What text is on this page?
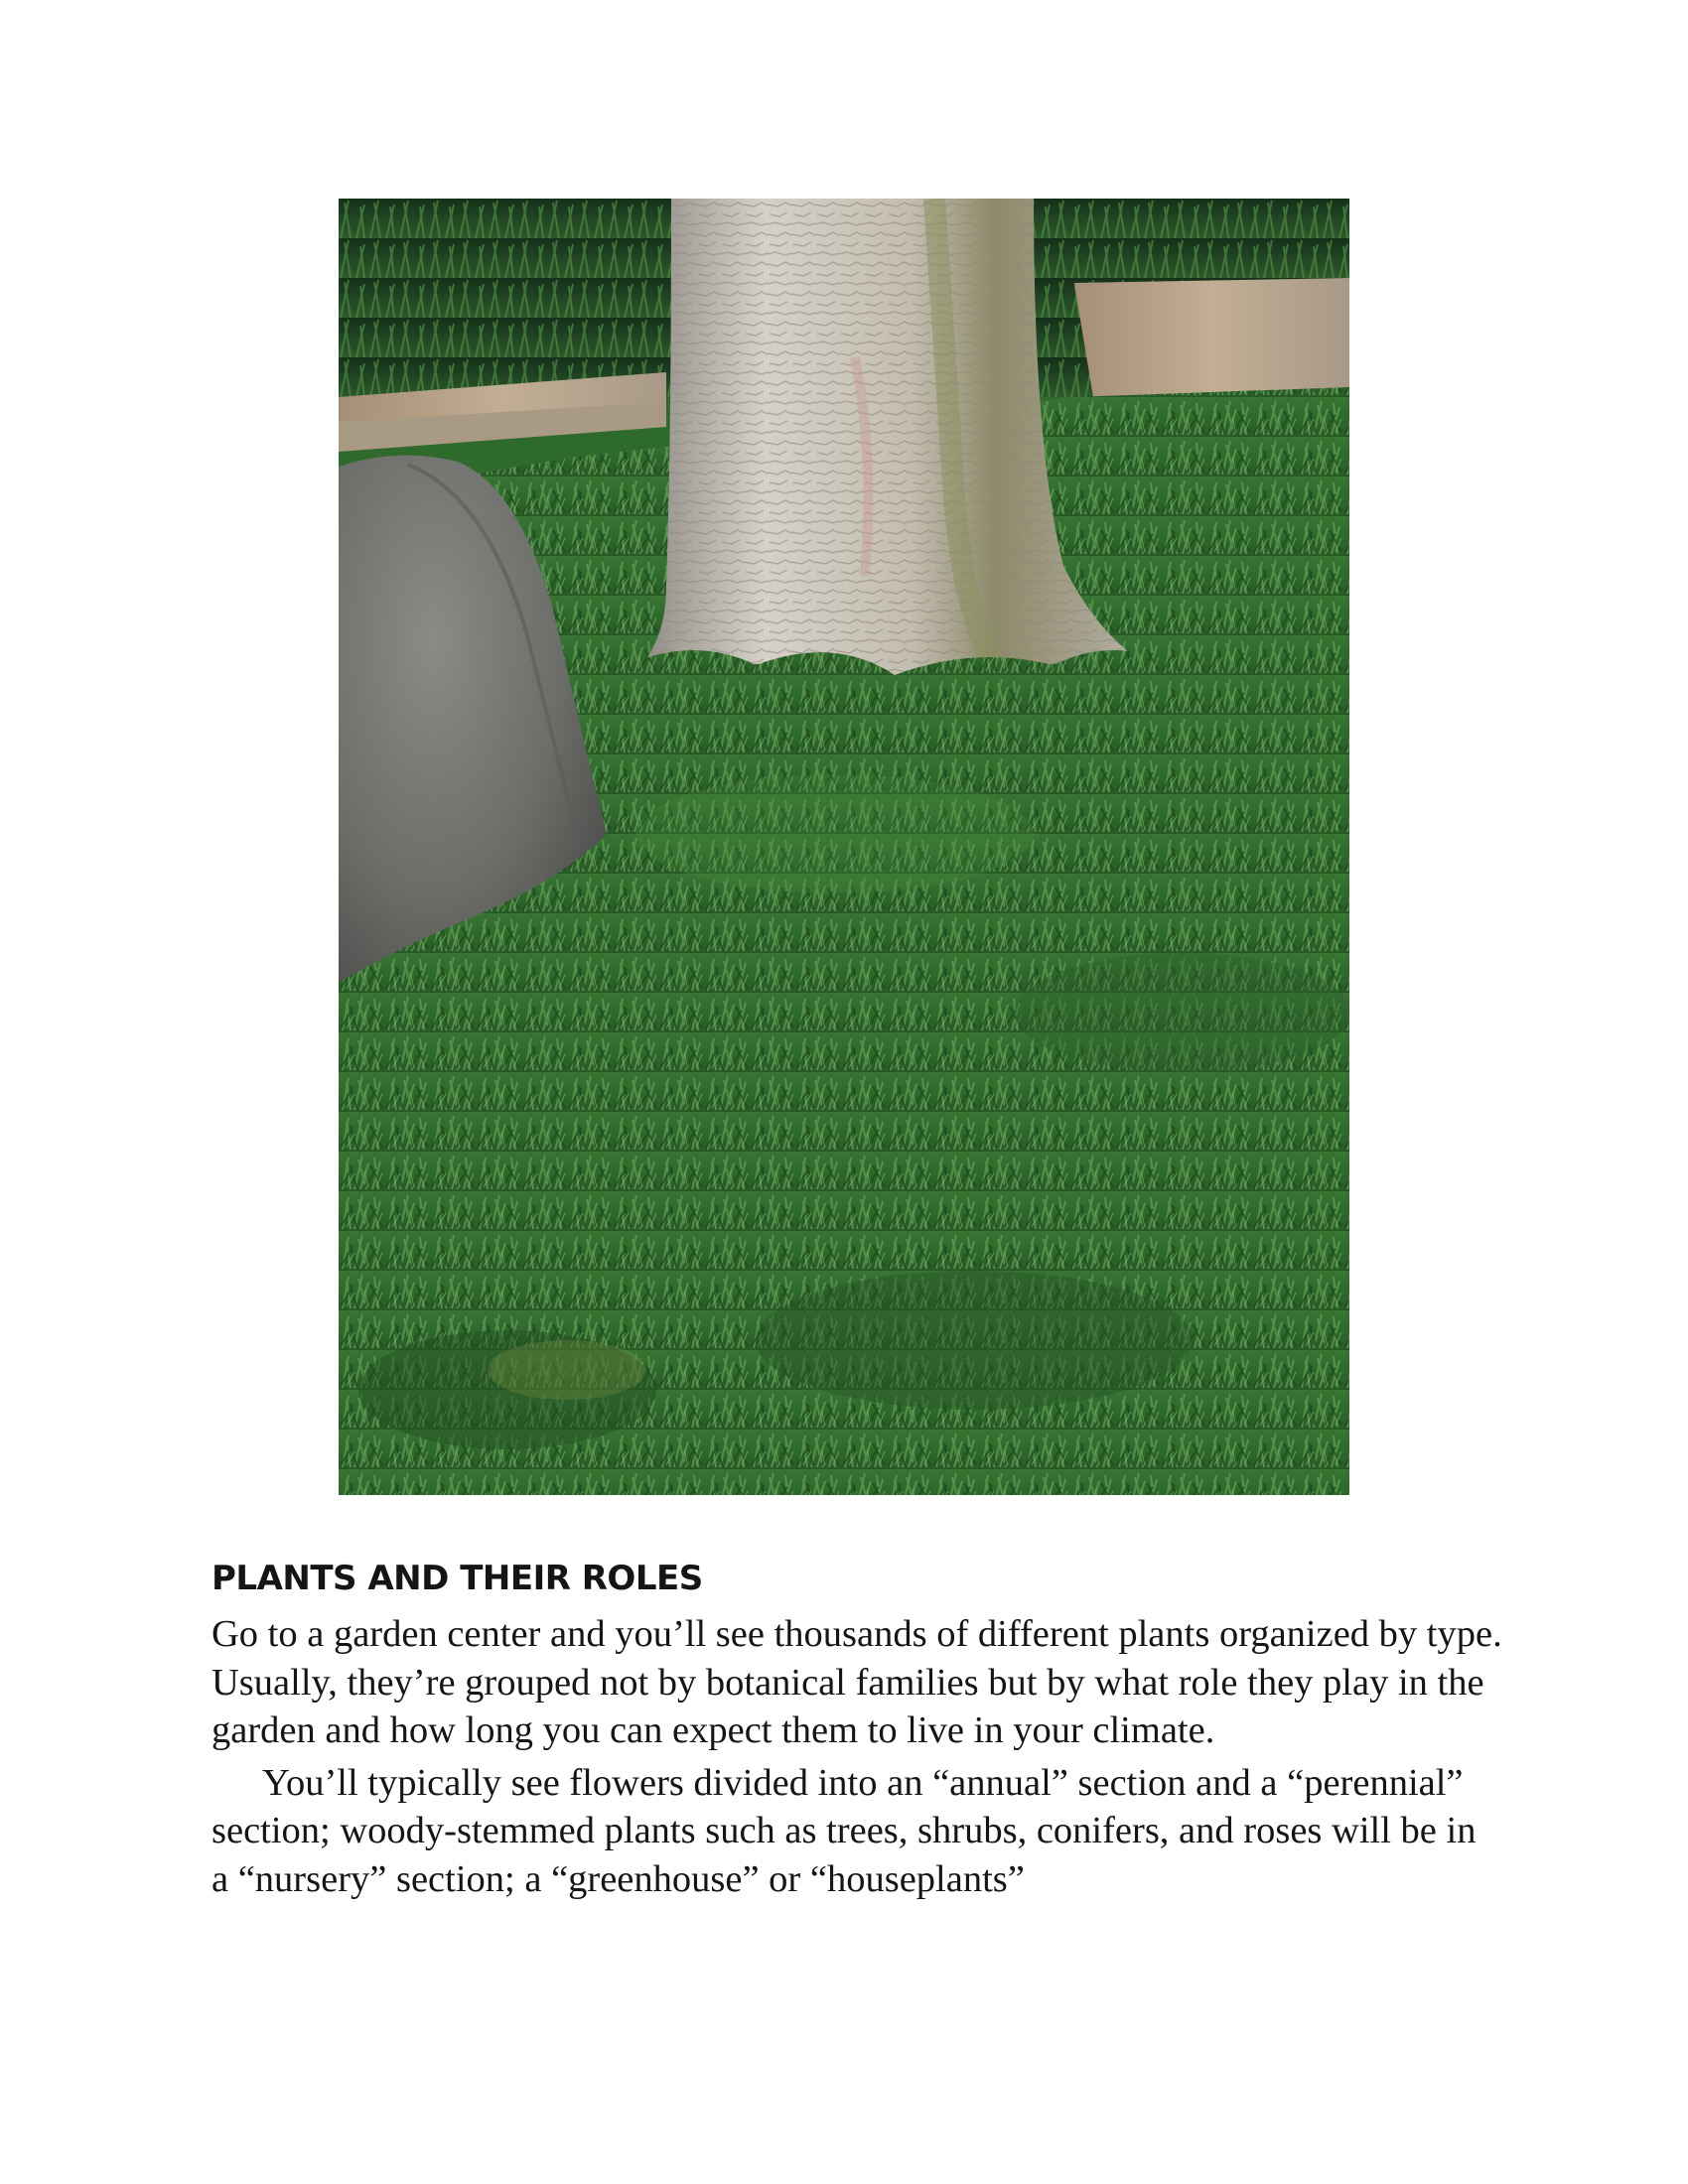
PLANTS AND THEIR ROLES

Go to a garden center and you’ll see thousands of different plants organized by type. Usually, they’re grouped not by botanical families but by what role they play in the garden and how long you can expect them to live in your climate.

You’ll typically see flowers divided into an “annual” section and a “perennial” section; woody-stemmed plants such as trees, shrubs, conifers, and roses will be in a “nursery” section; a “greenhouse” or “houseplants”
